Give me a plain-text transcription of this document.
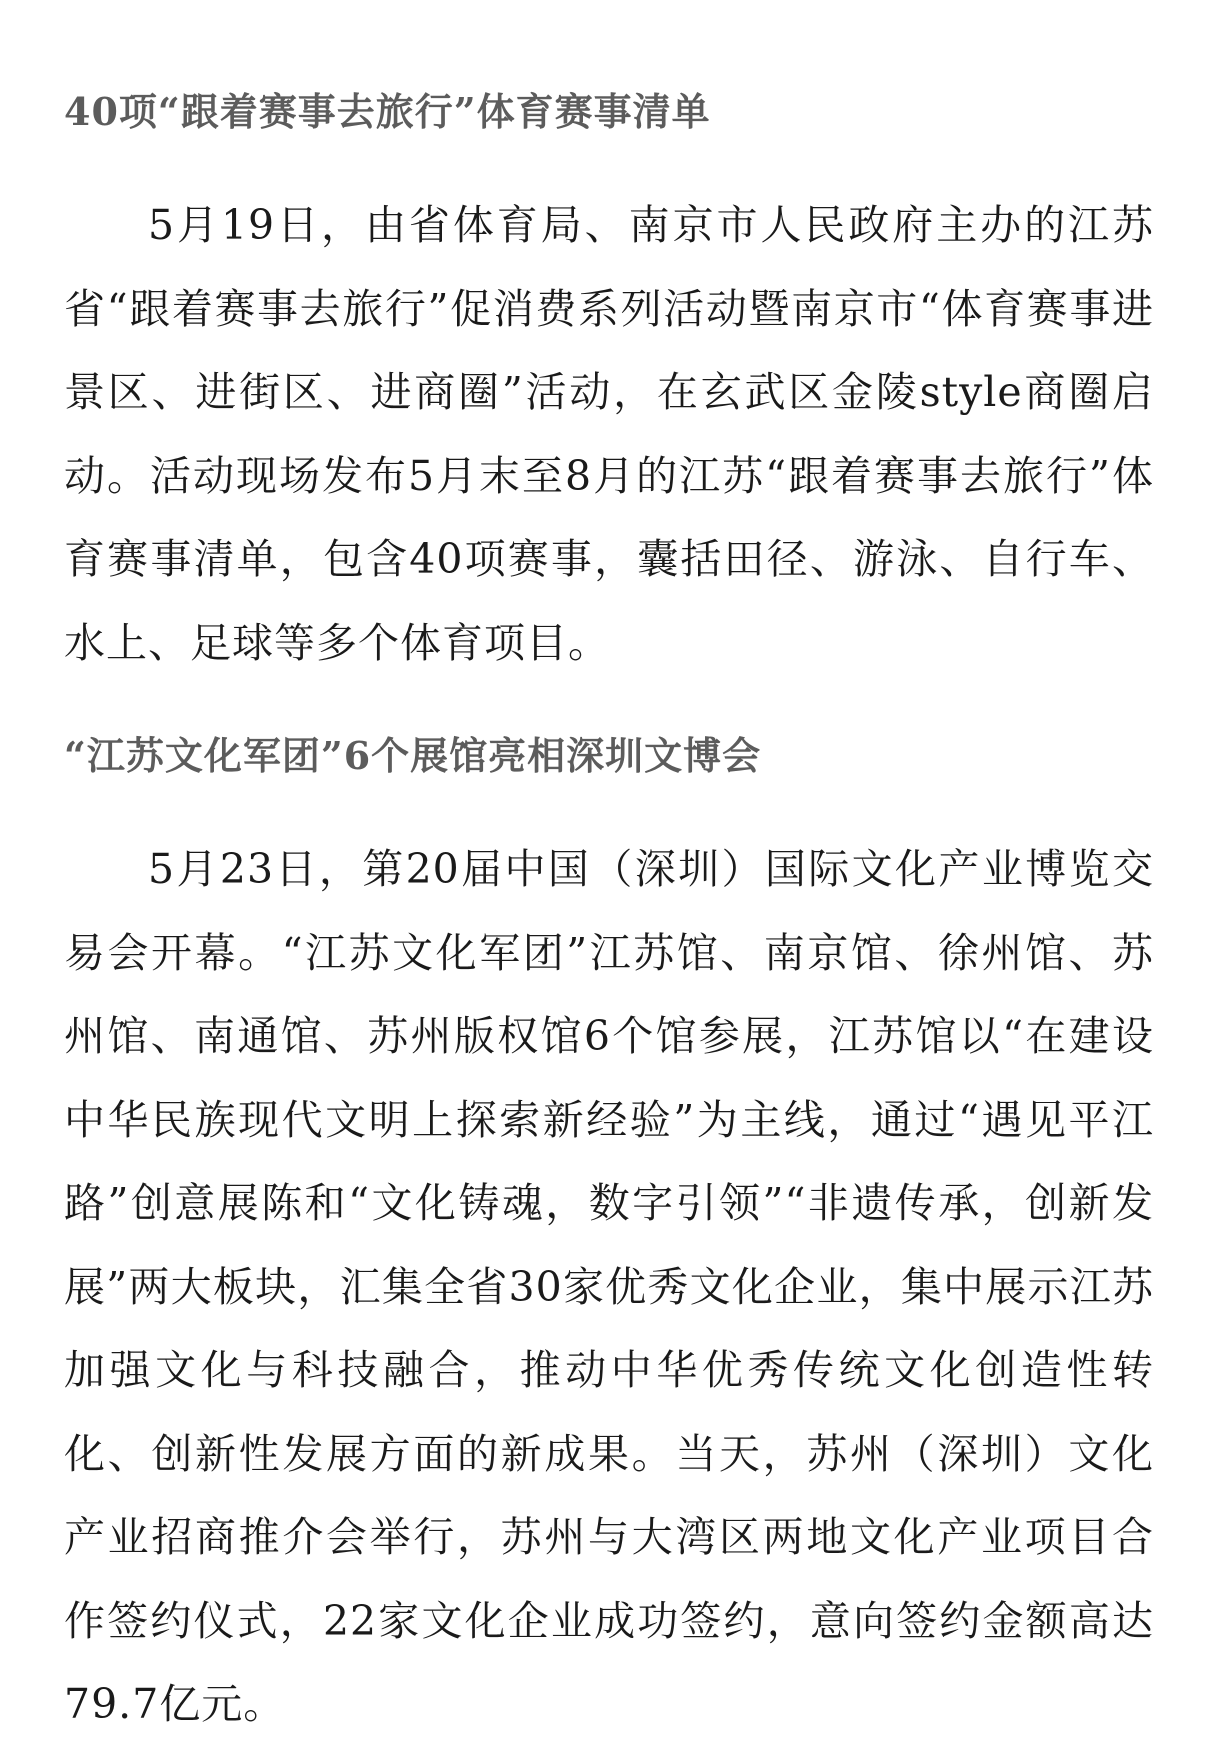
40项“跟着赛事去旅行”体育赛事清单

5月19日，由省体育局、南京市人民政府主办的江苏省“跟着赛事去旅行”促消费系列活动暨南京市“体育赛事进景区、进街区、进商圈”活动，在玄武区金陵style商圈启动。活动现场发布5月末至8月的江苏“跟着赛事去旅行”体育赛事清单，包含40项赛事，囊括田径、游泳、自行车、水上、足球等多个体育项目。

“江苏文化军团”6个展馆亮相深圳文博会

5月23日，第20届中国（深圳）国际文化产业博览交易会开幕。“江苏文化军团”江苏馆、南京馆、徐州馆、苏州馆、南通馆、苏州版权馆6个馆参展，江苏馆以“在建设中华民族现代文明上探索新经验”为主线，通过“遇见平江路”创意展陈和“文化铸魂，数字引领”“非遗传承，创新发展”两大板块，汇集全省30家优秀文化企业，集中展示江苏加强文化与科技融合，推动中华优秀传统文化创造性转化、创新性发展方面的新成果。当天，苏州（深圳）文化产业招商推介会举行，苏州与大湾区两地文化产业项目合作签约仪式，22家文化企业成功签约，意向签约金额高达79.7亿元。
